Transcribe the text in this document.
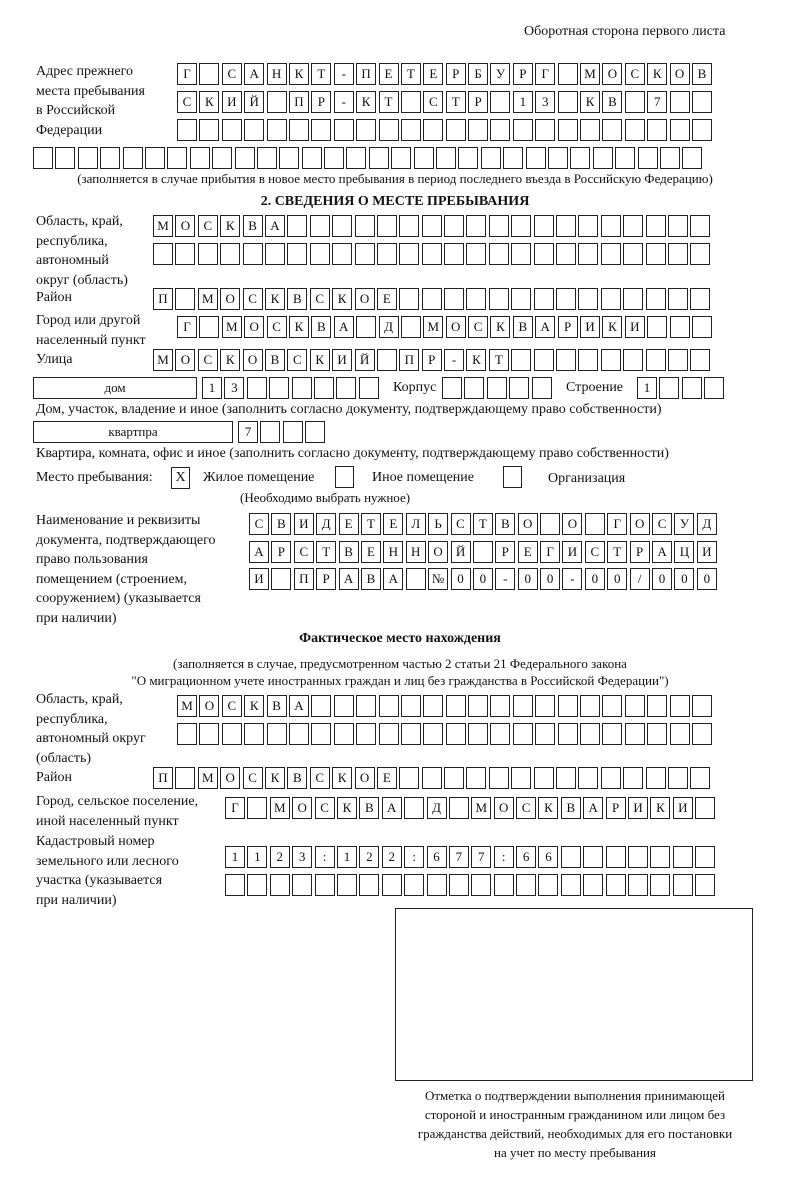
Оборотная сторона первого листа
Адрес прежнего
места пребывания
в Российской
Федерации
Г	С	А	Н	К	Т	-	П	Е	Т	Е	Р	Б	У	Р	Г	М О	С	К	О	В
С	К	И	Й	П	Р	-	К	Т	С	Т	Р	1	3	К	В	7
(заполняется в случае прибытия в новое место пребывания в период последнего въезда в Российскую Федерацию)
2. СВЕДЕНИЯ О МЕСТЕ ПРЕБЫВАНИЯ
Область, край,
республика,
автономный
округ (область)
М О	С	К	В	А
Район	П	М О	С	К	В	С	К	О	Е
Город или другой
населенный пункт
Г	М О	С	К	В	А	Д	М О	С	К	В	А	Р	И	К	И
Улица	М О	С	К	О	В	С	К	И	Й	П	Р	-	К	Т
дом	1	3	Корпус	Строение	1
Дом, участок, владение и иное (заполнить согласно документу, подтверждающему право собственности)
квартпра	7
Квартира, комната, офис и иное (заполнить согласно документу, подтверждающему право собственности)
Место пребывания:	X	Жилое помещение	Иное помещение	Организация
(Необходимо выбрать нужное)
Наименование и реквизиты
документа, подтверждающего
право пользования
помещением (строением,
сооружением) (указывается
при наличии)
С	В	И	Д	Е	Т	Е	Л	Ь	С	Т	В	О	О	Г	О	С	У	Д
А	Р	С	Т	В	Е	Н	Н	О	Й	Р	Е	Г	И	С	Т	Р	А	Ц	И
И	П	Р	А	В	А	№ 0	0	-	0	0	-	0	0	/	0	0	0
Фактическое место нахождения
(заполняется в случае, предусмотренном частью 2 статьи 21 Федерального закона
"О миграционном учете иностранных граждан и лиц без гражданства в Российской Федерации")
Область, край,
республика,
автономный округ
(область)
М О	С	К	В	А
Район	П	М О	С	К	В	С	К	О	Е
Город, сельское поселение,
иной населенный пункт
Г	М О	С	К	В	А	Д	М О	С	К	В	А	Р	И	К	И
Кадастровый номер
земельного или лесного
участка (указывается
при наличии)
1	1	2	3	:	1	2	2	:	6	7	7	:	6	6
Отметка о подтверждении выполнения принимающей
стороной и иностранным гражданином или лицом без
гражданства действий, необходимых для его постановки
на учет по месту пребывания
